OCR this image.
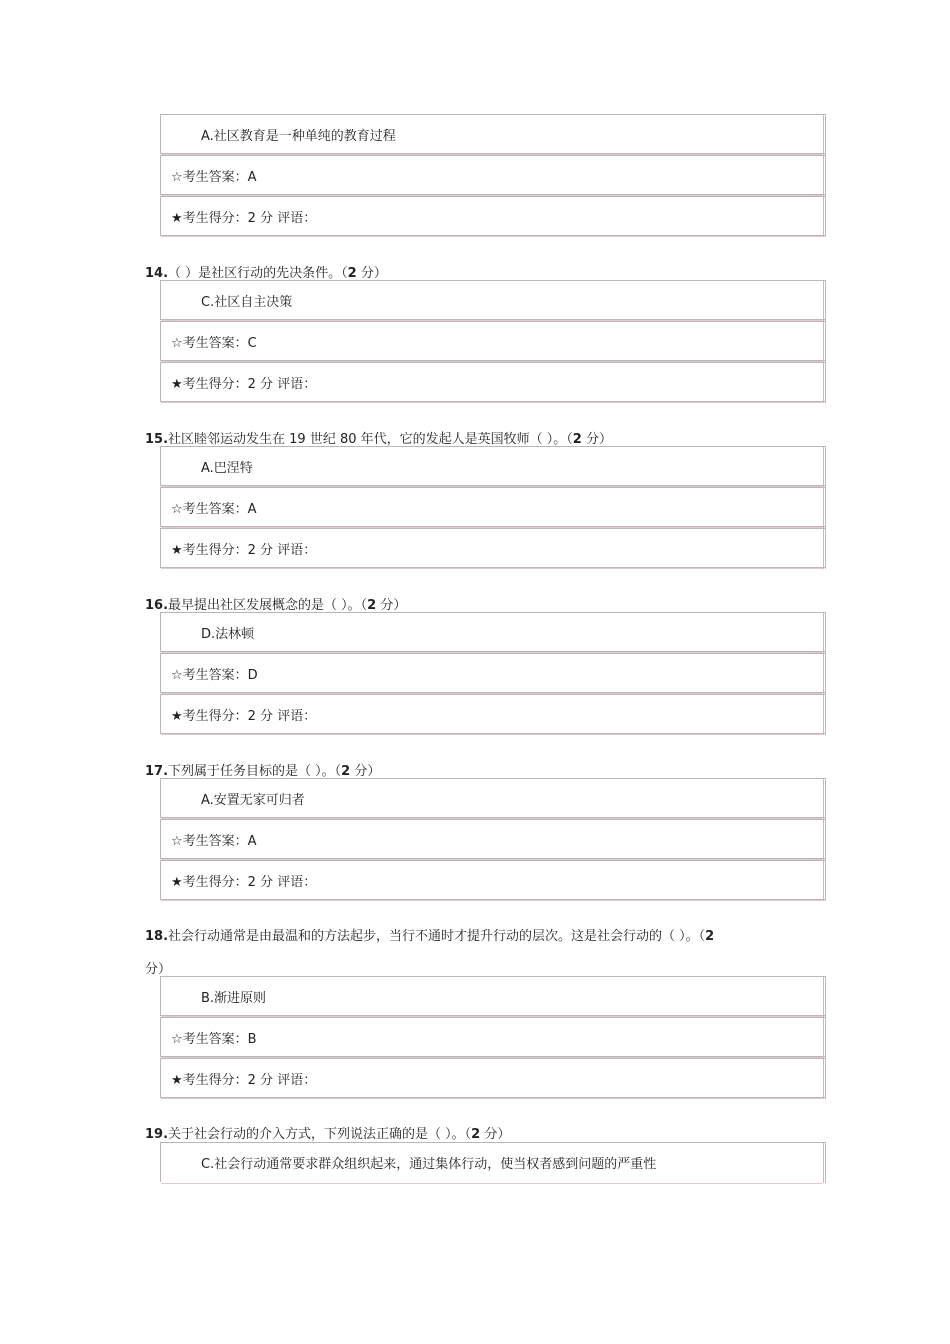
A.社区教育是一种单纯的教育过程
☆考生答案：A
★考生得分：2 分 评语：
14.（ ）是社区行动的先决条件。（2 分）
C.社区自主决策
☆考生答案：C
★考生得分：2 分 评语：
15.社区睦邻运动发生在 19 世纪 80 年代，它的发起人是英国牧师（ ）。（2 分）
A.巴涅特
☆考生答案：A
★考生得分：2 分 评语：
16.最早提出社区发展概念的是（ ）。（2 分）
D.法林顿
☆考生答案：D
★考生得分：2 分 评语：
17.下列属于任务目标的是（ ）。（2 分）
A.安置无家可归者
☆考生答案：A
★考生得分：2 分 评语：
18.社会行动通常是由最温和的方法起步，当行不通时才提升行动的层次。这是社会行动的（ ）。（2
分）
B.渐进原则
☆考生答案：B
★考生得分：2 分 评语：
19.关于社会行动的介入方式，下列说法正确的是（ ）。（2 分）
C.社会行动通常要求群众组织起来，通过集体行动，使当权者感到问题的严重性
